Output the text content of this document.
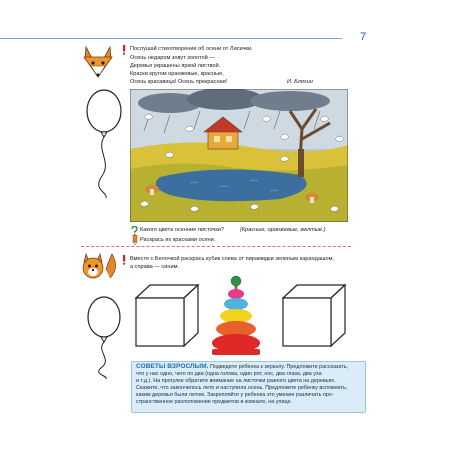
7
Послушай стихотворение об осени от Лисички.
Осень недаром зовут золотой —
Деревья украшены яркой листвой.
Краски кругом оранжевые, красные,
Осень красавица! Осень прекрасная!	И. Бляхин
Какого цвета осенние листочки?	(Красные, оранжевые, желтые.)
Раскрась их красками осени.
Вместе с Белочкой раскрась кубик слева от пирамидки зеленым карандашом,
а справа — синим.
СОВЕТЫ ВЗРОСЛЫМ. Подведите ребенка к зеркалу. Предложите рассказать,
что у нас одно, чего по два (одна голова, один рот, нос, два глаза, два уха
и т.д.). На прогулке обратите внимание на листочки разного цвета на деревьях.
Скажите, что закончилось лето и наступила осень. Предложите ребенку вспомнить,
каким деревья были летом. Закрепляйте у ребенка это умение различать про-
странственное расположение предметов в комнате, на улице.
